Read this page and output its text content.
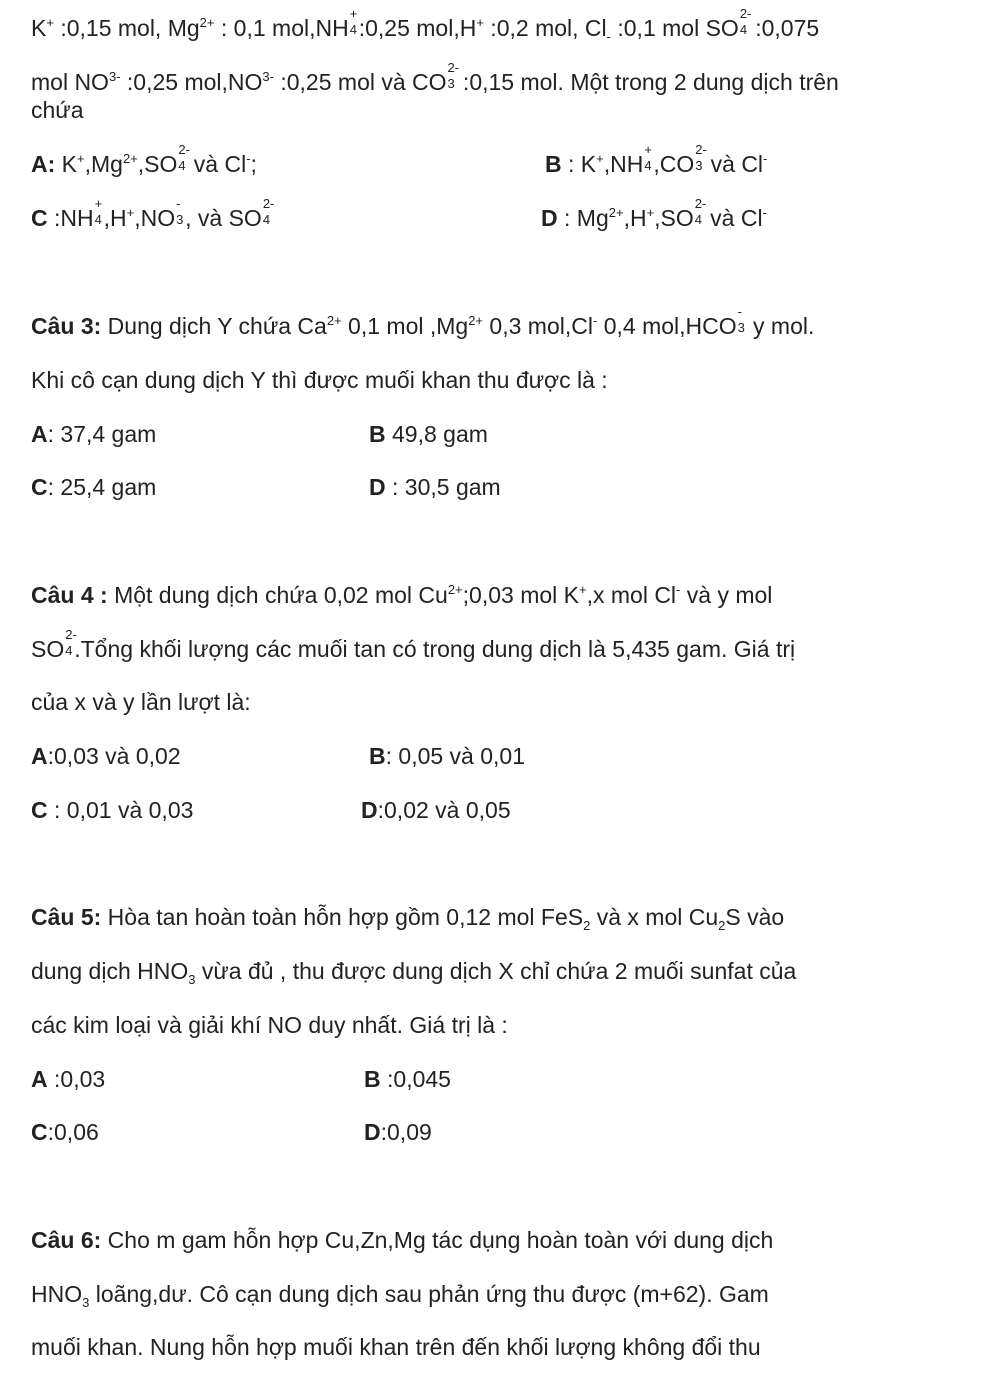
K+ :0,15 mol, $Mg^{2+}$ : 0,1 mol,NH
+
4 :0,25 mol,H+ :0,2 mol, $Cl_-$ :0,1 mol SO
2-
4 :0,075
mol $NO^{3-}$ :0,25 $mol,NO^{3-}$ :0,25 mol và CO
2-
3 :0,15 mol. Một trong 2 dung dịch trên
chứa
A: $K^+,Mg^{2+},SO$
2-
4 và Cl-;	B : K+,NH
+
4 ,CO
2-
3 và Cl-
C :NH
+
4 ,H+,NO
-
3 , và SO
2-
4	D : $Mg^{2+},H^+,SO$
2-
4 và Cl-
Câu 3: Dung dịch Y chứa $Ca^{2+}$ 0,1 mol $,Mg^{2+}$ 0,3 mol,Cl- 0,4 mol,HCO
-
3 y mol.
Khi cô cạn dung dịch Y thì được muối khan thu được là :
A: 37,4 gam	B 49,8 gam
C: 25,4 gam	D : 30,5 gam
Câu 4 : Một dung dịch chứa 0,02 mol $Cu^{2+};0,03$ mol K+,x mol Cl- và y mol
SO
2-
4 .Tổng khối lượng các muối tan có trong dung dịch là 5,435 gam. Giá trị
của x và y lần lượt là:
A:0,03 và 0,02	B: 0,05 và 0,01
C : 0,01 và 0,03	D:0,02 và 0,05
Câu 5: Hòa tan hoàn toàn hỗn hợp gồm 0,12 mol FeS$_2$ và x mol $Cu_2S$ vào
dung dịch $HNO_3$ vừa đủ , thu được dung dịch X chỉ chứa 2 muối sunfat của
các kim loại và giải khí NO duy nhất. Giá trị là :
A :0,03	B :0,045
C:0,06	D:0,09
Câu 6: Cho m gam hỗn hợp Cu,Zn,Mg tác dụng hoàn toàn với dung dịch
$HNO_3$ loãng,dư. Cô cạn dung dịch sau phản ứng thu được (m+62). Gam
muối khan. Nung hỗn hợp muối khan trên đến khối lượng không đổi thu
